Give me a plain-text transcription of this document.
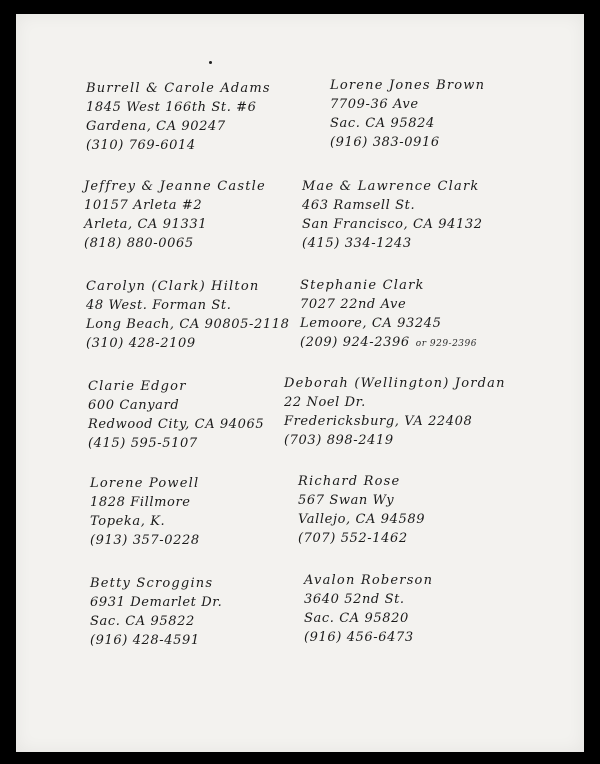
Burrell & Carole Adams
1845 West 166th St. #6
Gardena, CA 90247
(310) 769-6014
Lorene Jones Brown
7709-36 Ave
Sac. CA 95824
(916) 383-0916
Jeffrey & Jeanne Castle
10157 Arleta #2
Arleta, CA 91331
(818) 880-0065
Mae & Lawrence Clark
463 Ramsell St.
San Francisco, CA 94132
(415) 334-1243
Carolyn (Clark) Hilton
48 West. Forman St.
Long Beach, CA 90805-2118
(310) 428-2109
Stephanie Clark
7027 22nd Ave
Lemoore, CA 93245
(209) 924-2396 or 929-2396
Clarie Edgor
600 Canyard
Redwood City, CA 94065
(415) 595-5107
Deborah (Wellington) Jordan
22 Noel Dr.
Fredericksburg, VA 22408
(703) 898-2419
Lorene Powell
1828 Fillmore
Topeka, K.
(913) 357-0228
Richard Rose
567 Swan Wy
Vallejo, CA 94589
(707) 552-1462
Betty Scroggins
6931 Demarlet Dr.
Sac. CA 95822
(916) 428-4591
Avalon Roberson
3640 52nd St.
Sac. CA 95820
(916) 456-6473
